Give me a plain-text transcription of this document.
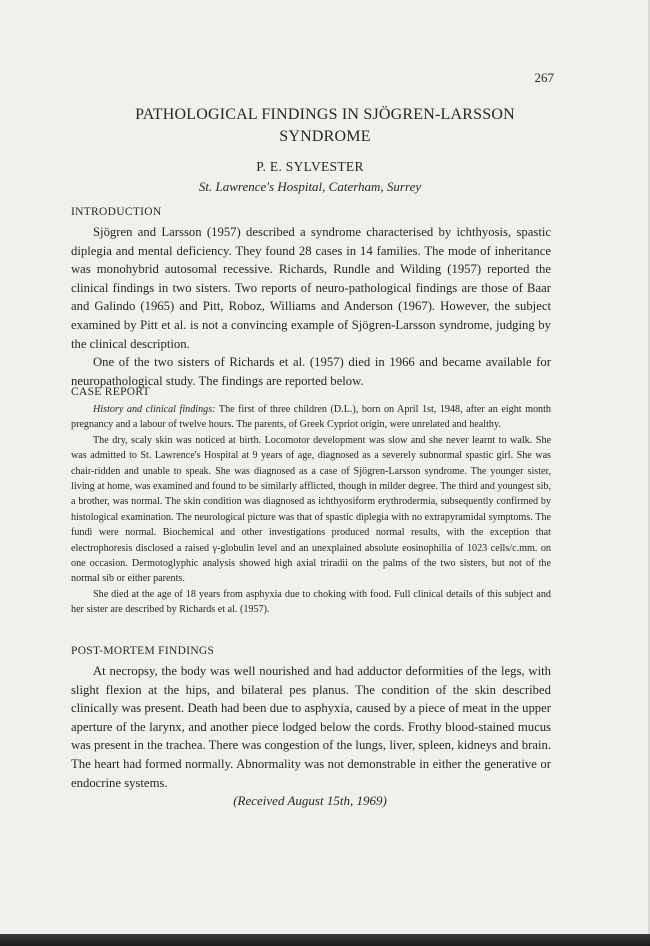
267
PATHOLOGICAL FINDINGS IN SJÖGREN-LARSSON
SYNDROME
P. E. SYLVESTER
St. Lawrence's Hospital, Caterham, Surrey
INTRODUCTION

Sjögren and Larsson (1957) described a syndrome characterised by ichthyosis, spastic diplegia and mental deficiency. They found 28 cases in 14 families. The mode of inheritance was monohybrid autosomal recessive. Richards, Rundle and Wilding (1957) reported the clinical findings in two sisters. Two reports of neuro-pathological findings are those of Baar and Galindo (1965) and Pitt, Roboz, Williams and Anderson (1967). However, the subject examined by Pitt et al. is not a convincing example of Sjögren-Larsson syndrome, judging by the clinical description.

One of the two sisters of Richards et al. (1957) died in 1966 and became available for neuropathological study. The findings are reported below.

CASE REPORT

History and clinical findings: The first of three children (D.L.), born on April 1st, 1948, after an eight month pregnancy and a labour of twelve hours. The parents, of Greek Cypriot origin, were unrelated and healthy.

The dry, scaly skin was noticed at birth. Locomotor development was slow and she never learnt to walk. She was admitted to St. Lawrence's Hospital at 9 years of age, diagnosed as a severely subnormal spastic girl. She was chair-ridden and unable to speak. She was diagnosed as a case of Sjögren-Larsson syndrome. The younger sister, living at home, was examined and found to be similarly afflicted, though in milder degree. The third and youngest sib, a brother, was normal. The skin condition was diagnosed as ichthyosiform erythrodermia, subsequently confirmed by histological examination. The neurological picture was that of spastic diplegia with no extrapyramidal symptoms. The fundi were normal. Biochemical and other investigations produced normal results, with the exception that electrophoresis disclosed a raised γ-globulin level and an unexplained absolute eosinophilia of 1023 cells/c.mm. on one occasion. Dermotoglyphic analysis showed high axial triradii on the palms of the two sisters, but not of the normal sib or either parents.

She died at the age of 18 years from asphyxia due to choking with food. Full clinical details of this subject and her sister are described by Richards et al. (1957).

POST-MORTEM FINDINGS

At necropsy, the body was well nourished and had adductor deformities of the legs, with slight flexion at the hips, and bilateral pes planus. The condition of the skin described clinically was present. Death had been due to asphyxia, caused by a piece of meat in the upper aperture of the larynx, and another piece lodged below the cords. Frothy blood-stained mucus was present in the trachea. There was congestion of the lungs, liver, spleen, kidneys and brain. The heart had formed normally. Abnormality was not demonstrable in either the generative or endocrine systems.

(Received August 15th, 1969)
